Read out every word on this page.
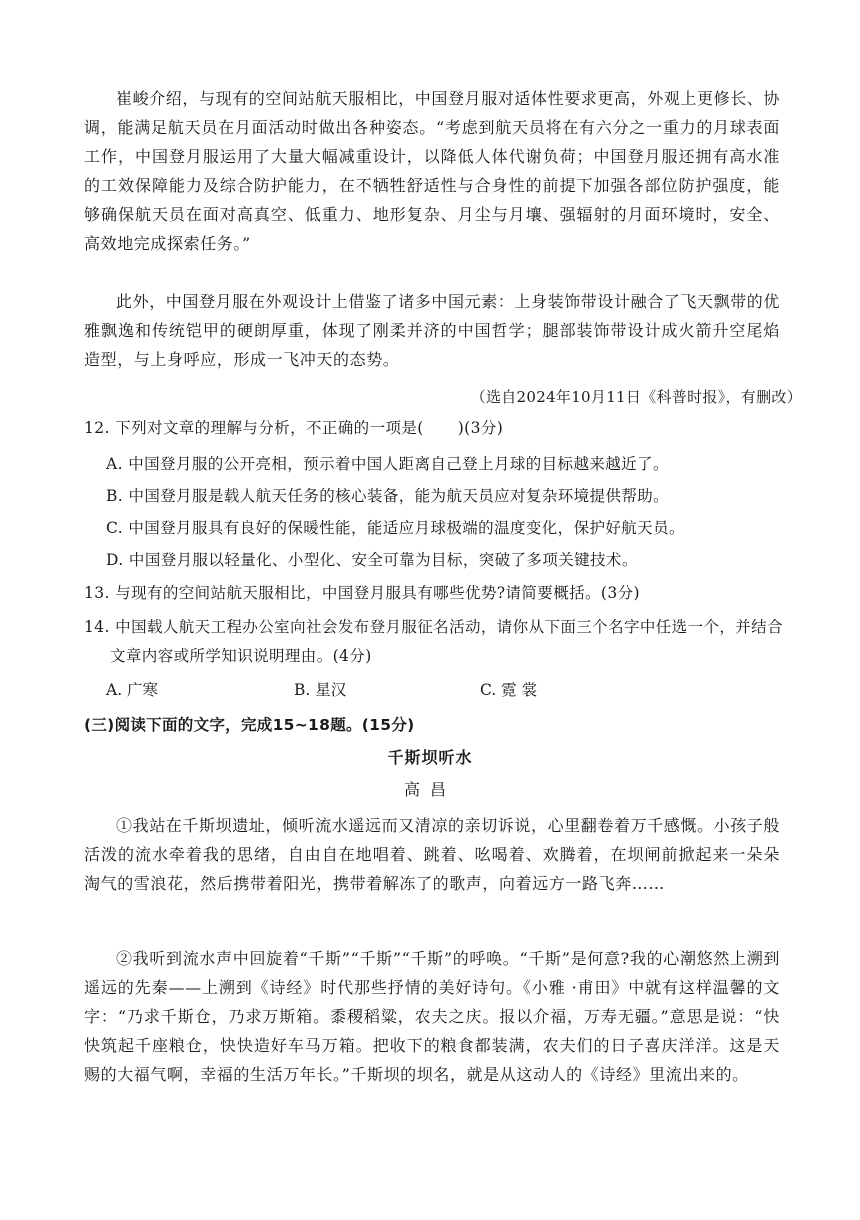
崔峻介绍，与现有的空间站航天服相比，中国登月服对适体性要求更高，外观上更修长、协调，能满足航天员在月面活动时做出各种姿态。“考虑到航天员将在有六分之一重力的月球表面工作，中国登月服运用了大量大幅减重设计，以降低人体代谢负荷；中国登月服还拥有高水准的工效保障能力及综合防护能力，在不牺牲舒适性与合身性的前提下加强各部位防护强度，能够确保航天员在面对高真空、低重力、地形复杂、月尘与月壤、强辐射的月面环境时，安全、高效地完成探索任务。”

此外，中国登月服在外观设计上借鉴了诸多中国元素：上身装饰带设计融合了飞天飘带的优雅飘逸和传统铠甲的硬朗厚重，体现了刚柔并济的中国哲学；腿部装饰带设计成火箭升空尾焰造型，与上身呼应，形成一飞冲天的态势。

（选自2024年10月11日《科普时报》，有删改）

12. 下列对文章的理解与分析，不正确的一项是( )(3分)

A. 中国登月服的公开亮相，预示着中国人距离自己登上月球的目标越来越近了。

B. 中国登月服是载人航天任务的核心装备，能为航天员应对复杂环境提供帮助。

C. 中国登月服具有良好的保暖性能，能适应月球极端的温度变化，保护好航天员。

D. 中国登月服以轻量化、小型化、安全可靠为目标，突破了多项关键技术。

13. 与现有的空间站航天服相比，中国登月服具有哪些优势?请简要概括。(3分)

14. 中国载人航天工程办公室向社会发布登月服征名活动，请你从下面三个名字中任选一个，并结合文章内容或所学知识说明理由。(4分)

A. 广寒	B. 星汉	C. 霓 裳
(三)阅读下面的文字，完成15~18题。(15分)
千斯坝听水
高昌

①我站在千斯坝遗址，倾听流水遥远而又清凉的亲切诉说，心里翻卷着万千感慨。小孩子般活泼的流水牵着我的思绪，自由自在地唱着、跳着、吆喝着、欢腾着，在坝闸前掀起来一朵朵淘气的雪浪花，然后携带着阳光，携带着解冻了的歌声，向着远方一路飞奔……

②我听到流水声中回旋着“千斯”“千斯”“千斯”的呼唤。“千斯”是何意?我的心潮悠然上溯到遥远的先秦——上溯到《诗经》时代那些抒情的美好诗句。《小雅 ·甫田》中就有这样温馨的文字：“乃求千斯仓，乃求万斯箱。黍稷稻粱，农夫之庆。报以介福，万寿无疆。”意思是说：“快快筑起千座粮仓，快快造好车马万箱。把收下的粮食都装满，农夫们的日子喜庆洋洋。这是天赐的大福气啊，幸福的生活万年长。”千斯坝的坝名，就是从这动人的《诗经》里流出来的。
